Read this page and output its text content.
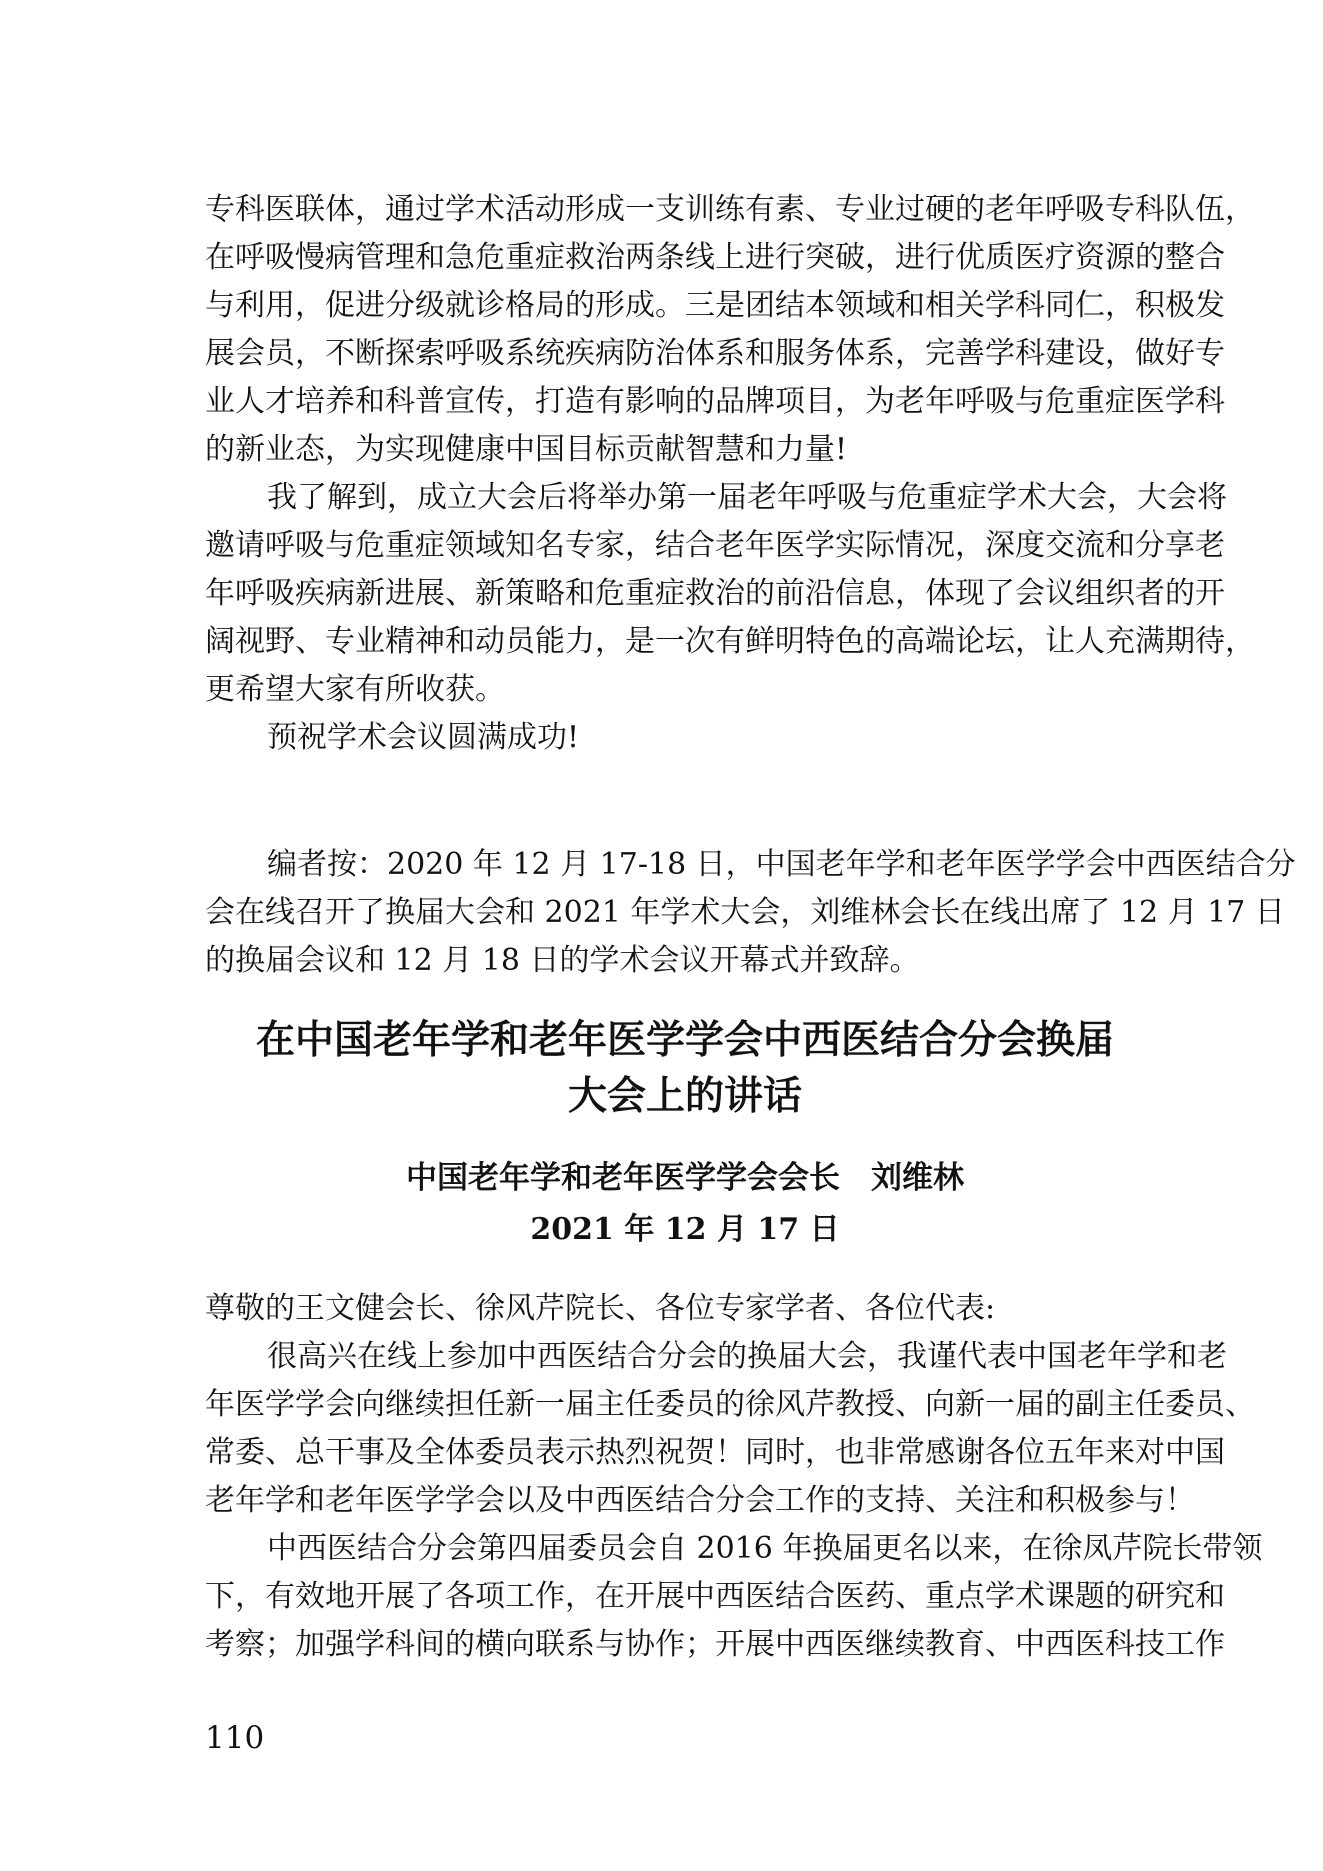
专科医联体，通过学术活动形成一支训练有素、专业过硬的老年呼吸专科队伍，
在呼吸慢病管理和急危重症救治两条线上进行突破，进行优质医疗资源的整合
与利用，促进分级就诊格局的形成。三是团结本领域和相关学科同仁，积极发
展会员，不断探索呼吸系统疾病防治体系和服务体系，完善学科建设，做好专
业人才培养和科普宣传，打造有影响的品牌项目，为老年呼吸与危重症医学科
的新业态，为实现健康中国目标贡献智慧和力量!
我了解到，成立大会后将举办第一届老年呼吸与危重症学术大会，大会将
邀请呼吸与危重症领域知名专家，结合老年医学实际情况，深度交流和分享老
年呼吸疾病新进展、新策略和危重症救治的前沿信息，体现了会议组织者的开
阔视野、专业精神和动员能力，是一次有鲜明特色的高端论坛，让人充满期待，
更希望大家有所收获。
预祝学术会议圆满成功!
编者按：2020 年 12 月 17-18 日，中国老年学和老年医学学会中西医结合分
会在线召开了换届大会和 2021 年学术大会，刘维林会长在线出席了 12 月 17 日
的换届会议和 12 月 18 日的学术会议开幕式并致辞。
在中国老年学和老年医学学会中西医结合分会换届
大会上的讲话
中国老年学和老年医学学会会长　刘维林
2021 年 12 月 17 日
尊敬的王文健会长、徐风芹院长、各位专家学者、各位代表:
很高兴在线上参加中西医结合分会的换届大会，我谨代表中国老年学和老
年医学学会向继续担任新一届主任委员的徐风芹教授、向新一届的副主任委员、
常委、总干事及全体委员表示热烈祝贺！同时，也非常感谢各位五年来对中国
老年学和老年医学学会以及中西医结合分会工作的支持、关注和积极参与！
中西医结合分会第四届委员会自 2016 年换届更名以来，在徐凤芹院长带领
下，有效地开展了各项工作，在开展中西医结合医药、重点学术课题的研究和
考察；加强学科间的横向联系与协作；开展中西医继续教育、中西医科技工作
110
